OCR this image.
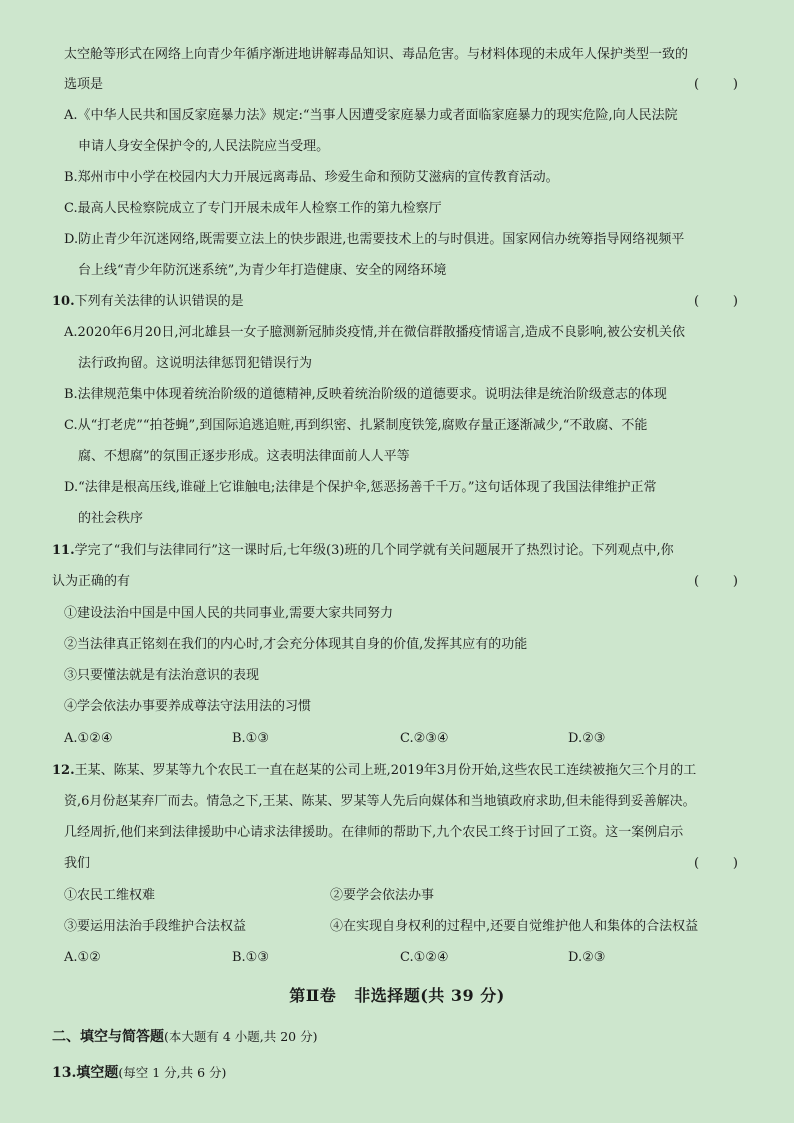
太空舱等形式在网络上向青少年循序渐进地讲解毒品知识、毒品危害。与材料体现的未成年人保护类型一致的
选项是	(	)
A.《中华人民共和国反家庭暴力法》规定:“当事人因遭受家庭暴力或者面临家庭暴力的现实危险,向人民法院
申请人身安全保护令的,人民法院应当受理。
B.郑州市中小学在校园内大力开展远离毒品、珍爱生命和预防艾滋病的宣传教育活动。
C.最高人民检察院成立了专门开展未成年人检察工作的第九检察厅
D.防止青少年沉迷网络,既需要立法上的快步跟进,也需要技术上的与时俱进。国家网信办统筹指导网络视频平
台上线“青少年防沉迷系统”,为青少年打造健康、安全的网络环境
10.下列有关法律的认识错误的是	(	)
A.2020年6月20日,河北雄县一女子臆测新冠肺炎疫情,并在微信群散播疫情谣言,造成不良影响,被公安机关依
法行政拘留。这说明法律惩罚犯错误行为
B.法律规范集中体现着统治阶级的道德精神,反映着统治阶级的道德要求。说明法律是统治阶级意志的体现
C.从“打老虎”“拍苍蝇”,到国际追逃追赃,再到织密、扎紧制度铁笼,腐败存量正逐渐减少,“不敢腐、不能
腐、不想腐”的氛围正逐步形成。这表明法律面前人人平等
D.“法律是根高压线,谁碰上它谁触电;法律是个保护伞,惩恶扬善千千万。”这句话体现了我国法律维护正常
的社会秩序
11.学完了“我们与法律同行”这一课时后,七年级(3)班的几个同学就有关问题展开了热烈讨论。下列观点中,你
认为正确的有	(	)
①建设法治中国是中国人民的共同事业,需要大家共同努力
②当法律真正铭刻在我们的内心时,才会充分体现其自身的价值,发挥其应有的功能
③只要懂法就是有法治意识的表现
④学会依法办事要养成尊法守法用法的习惯
A.①②④	B.①③	C.②③④	D.②③
12.王某、陈某、罗某等九个农民工一直在赵某的公司上班,2019年3月份开始,这些农民工连续被拖欠三个月的工
资,6月份赵某弃厂而去。情急之下,王某、陈某、罗某等人先后向媒体和当地镇政府求助,但未能得到妥善解决。
几经周折,他们来到法律援助中心请求法律援助。在律师的帮助下,九个农民工终于讨回了工资。这一案例启示
我们	(	)
①农民工维权难	②要学会依法办事
③要运用法治手段维护合法权益	④在实现自身权利的过程中,还要自觉维护他人和集体的合法权益
A.①②	B.①③	C.①②④	D.②③
第Ⅱ卷 非选择题(共 39 分)
二、填空与简答题(本大题有 4 小题,共 20 分)
13.填空题(每空 1 分,共 6 分)
